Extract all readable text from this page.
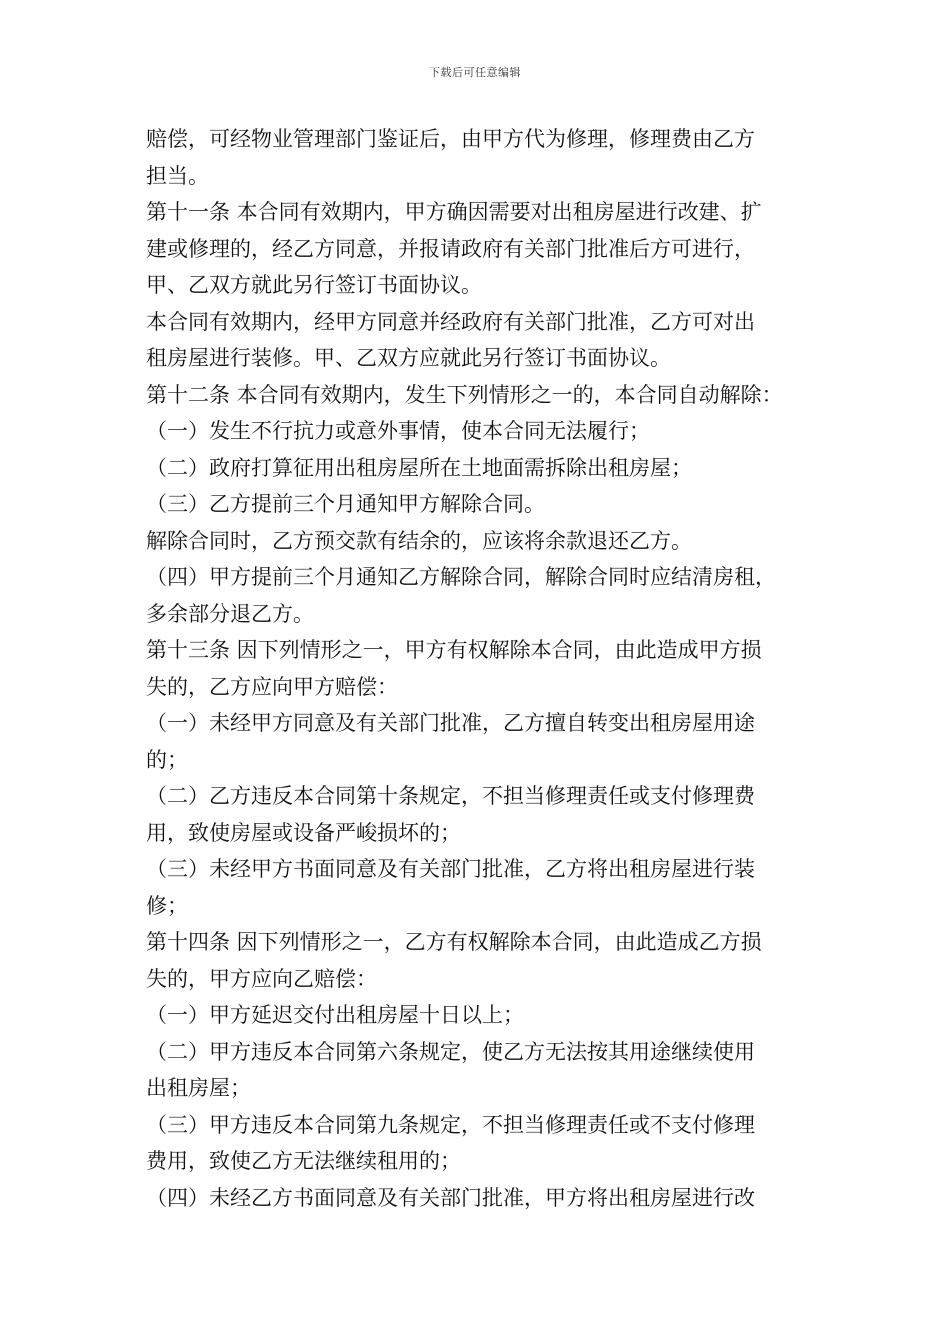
下载后可任意编辑
赔偿，可经物业管理部门鉴证后，由甲方代为修理，修理费由乙方
担当。
第十一条 本合同有效期内，甲方确因需要对出租房屋进行改建、扩
建或修理的，经乙方同意，并报请政府有关部门批准后方可进行，
甲、乙双方就此另行签订书面协议。
本合同有效期内，经甲方同意并经政府有关部门批准，乙方可对出
租房屋进行装修。甲、乙双方应就此另行签订书面协议。
第十二条 本合同有效期内，发生下列情形之一的，本合同自动解除：
（一）发生不行抗力或意外事情，使本合同无法履行；
（二）政府打算征用出租房屋所在土地面需拆除出租房屋；
（三）乙方提前三个月通知甲方解除合同。
解除合同时，乙方预交款有结余的，应该将余款退还乙方。
（四）甲方提前三个月通知乙方解除合同，解除合同时应结清房租，
多余部分退乙方。
第十三条 因下列情形之一，甲方有权解除本合同，由此造成甲方损
失的，乙方应向甲方赔偿：
（一）未经甲方同意及有关部门批准，乙方擅自转变出租房屋用途
的；
（二）乙方违反本合同第十条规定，不担当修理责任或支付修理费
用，致使房屋或设备严峻损坏的；
（三）未经甲方书面同意及有关部门批准，乙方将出租房屋进行装
修；
第十四条 因下列情形之一，乙方有权解除本合同，由此造成乙方损
失的，甲方应向乙赔偿：
（一）甲方延迟交付出租房屋十日以上；
（二）甲方违反本合同第六条规定，使乙方无法按其用途继续使用
出租房屋；
（三）甲方违反本合同第九条规定，不担当修理责任或不支付修理
费用，致使乙方无法继续租用的；
（四）未经乙方书面同意及有关部门批准，甲方将出租房屋进行改
